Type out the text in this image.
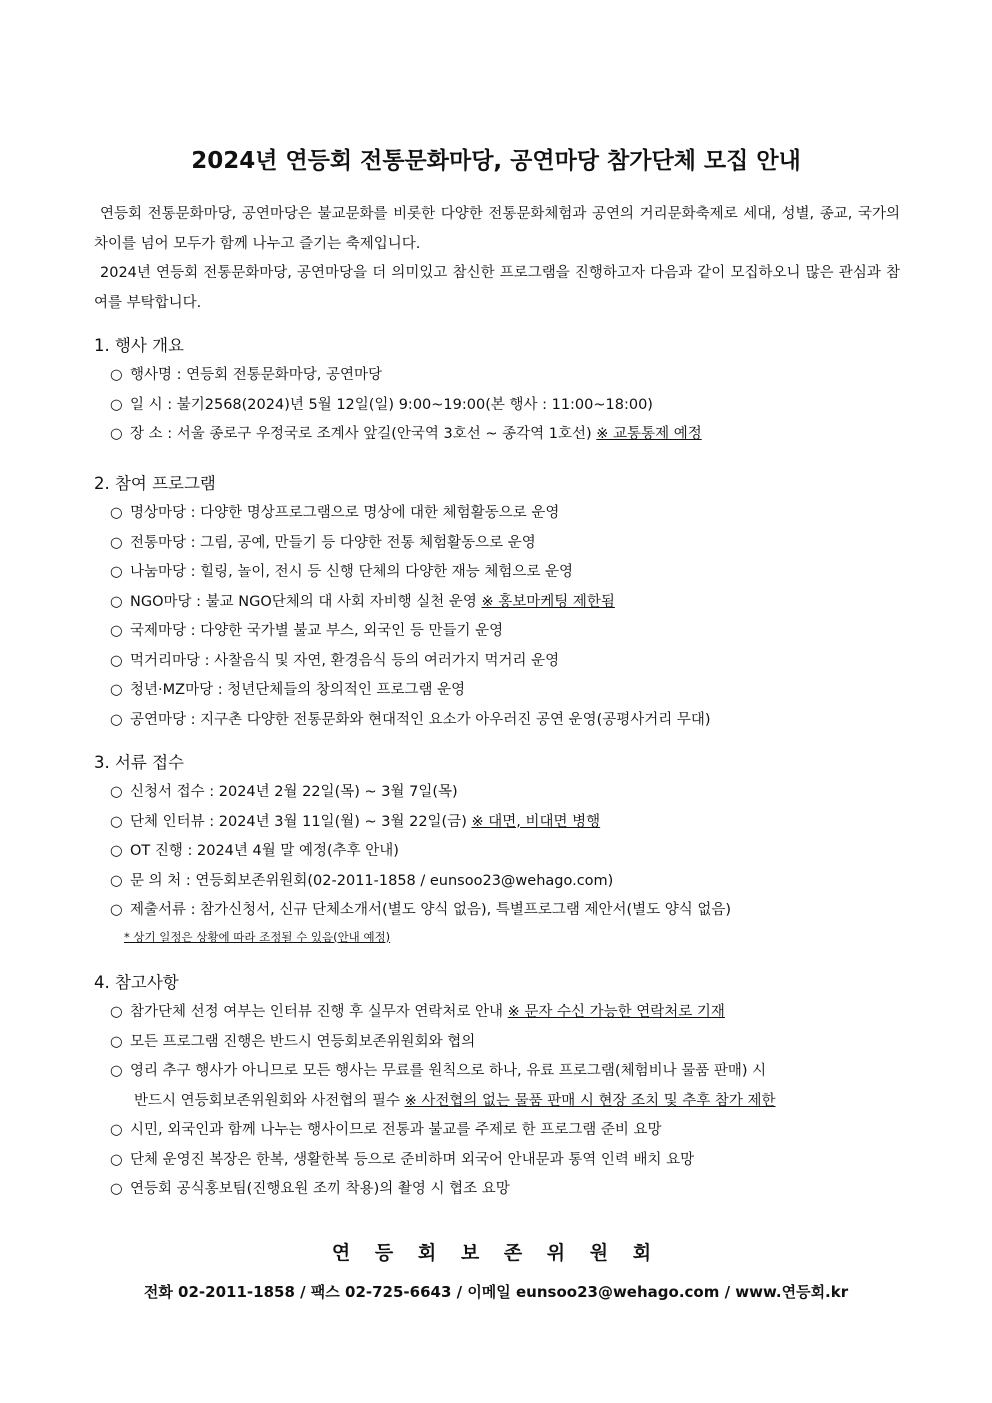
2024년 연등회 전통문화마당, 공연마당 참가단체 모집 안내

연등회 전통문화마당, 공연마당은 불교문화를 비롯한 다양한 전통문화체험과 공연의 거리문화축제로 세대, 성별, 종교, 국가의 차이를 넘어 모두가 함께 나누고 즐기는 축제입니다.

2024년 연등회 전통문화마당, 공연마당을 더 의미있고 참신한 프로그램을 진행하고자 다음과 같이 모집하오니 많은 관심과 참여를 부탁합니다.

1. 행사 개요
○ 행사명 : 연등회 전통문화마당, 공연마당
○ 일 시 : 불기2568(2024)년 5월 12일(일) 9:00~19:00(본 행사 : 11:00~18:00)
○ 장 소 : 서울 종로구 우정국로 조계사 앞길(안국역 3호선 ~ 종각역 1호선) ※ 교통통제 예정
2. 참여 프로그램
○ 명상마당 : 다양한 명상프로그램으로 명상에 대한 체험활동으로 운영
○ 전통마당 : 그림, 공예, 만들기 등 다양한 전통 체험활동으로 운영
○ 나눔마당 : 힐링, 놀이, 전시 등 신행 단체의 다양한 재능 체험으로 운영
○ NGO마당 : 불교 NGO단체의 대 사회 자비행 실천 운영 ※ 홍보마케팅 제한됨
○ 국제마당 : 다양한 국가별 불교 부스, 외국인 등 만들기 운영
○ 먹거리마당 : 사찰음식 및 자연, 환경음식 등의 여러가지 먹거리 운영
○ 청년·MZ마당 : 청년단체들의 창의적인 프로그램 운영
○ 공연마당 : 지구촌 다양한 전통문화와 현대적인 요소가 아우러진 공연 운영(공평사거리 무대)
3. 서류 접수
○ 신청서 접수 : 2024년 2월 22일(목) ~ 3월 7일(목)
○ 단체 인터뷰 : 2024년 3월 11일(월) ~ 3월 22일(금) ※ 대면, 비대면 병행
○ OT 진행 : 2024년 4월 말 예정(추후 안내)
○ 문 의 처 : 연등회보존위원회(02-2011-1858 / eunsoo23@wehago.com)
○ 제출서류 : 참가신청서, 신규 단체소개서(별도 양식 없음), 특별프로그램 제안서(별도 양식 없음)
* 상기 일정은 상황에 따라 조정될 수 있음(안내 예정)
4. 참고사항
○ 참가단체 선정 여부는 인터뷰 진행 후 실무자 연락처로 안내 ※ 문자 수신 가능한 연락처로 기재
○ 모든 프로그램 진행은 반드시 연등회보존위원회와 협의
○ 영리 추구 행사가 아니므로 모든 행사는 무료를 원칙으로 하나, 유료 프로그램(체험비나 물품 판매) 시
반드시 연등회보존위원회와 사전협의 필수 ※ 사전협의 없는 물품 판매 시 현장 조치 및 추후 참가 제한
○ 시민, 외국인과 함께 나누는 행사이므로 전통과 불교를 주제로 한 프로그램 준비 요망
○ 단체 운영진 복장은 한복, 생활한복 등으로 준비하며 외국어 안내문과 통역 인력 배치 요망
○ 연등회 공식홍보팀(진행요원 조끼 착용)의 촬영 시 협조 요망
연 등 회 보 존 위 원 회
전화 02-2011-1858 / 팩스 02-725-6643 / 이메일 eunsoo23@wehago.com / www.연등회.kr
